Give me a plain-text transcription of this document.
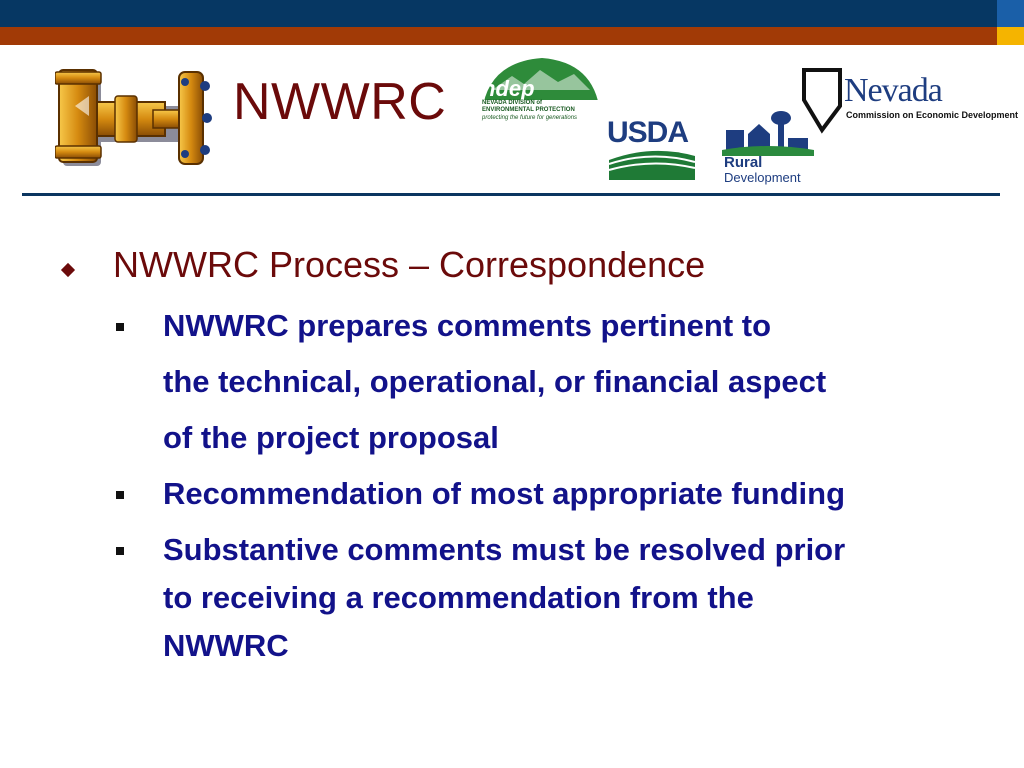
NWWRC ndep
NEVADA DIVISION of
ENVIRONMENTAL PROTECTION
protecting the future for generations USDA
Rural
Development
Nevada
Commission on Economic Development
NWWRC Process – Correspondence
NWWRC prepares comments pertinent to
the technical, operational, or financial aspect
of the project proposal
Recommendation of most appropriate funding
Substantive comments must be resolved prior
to receiving a recommendation from the
NWWRC
